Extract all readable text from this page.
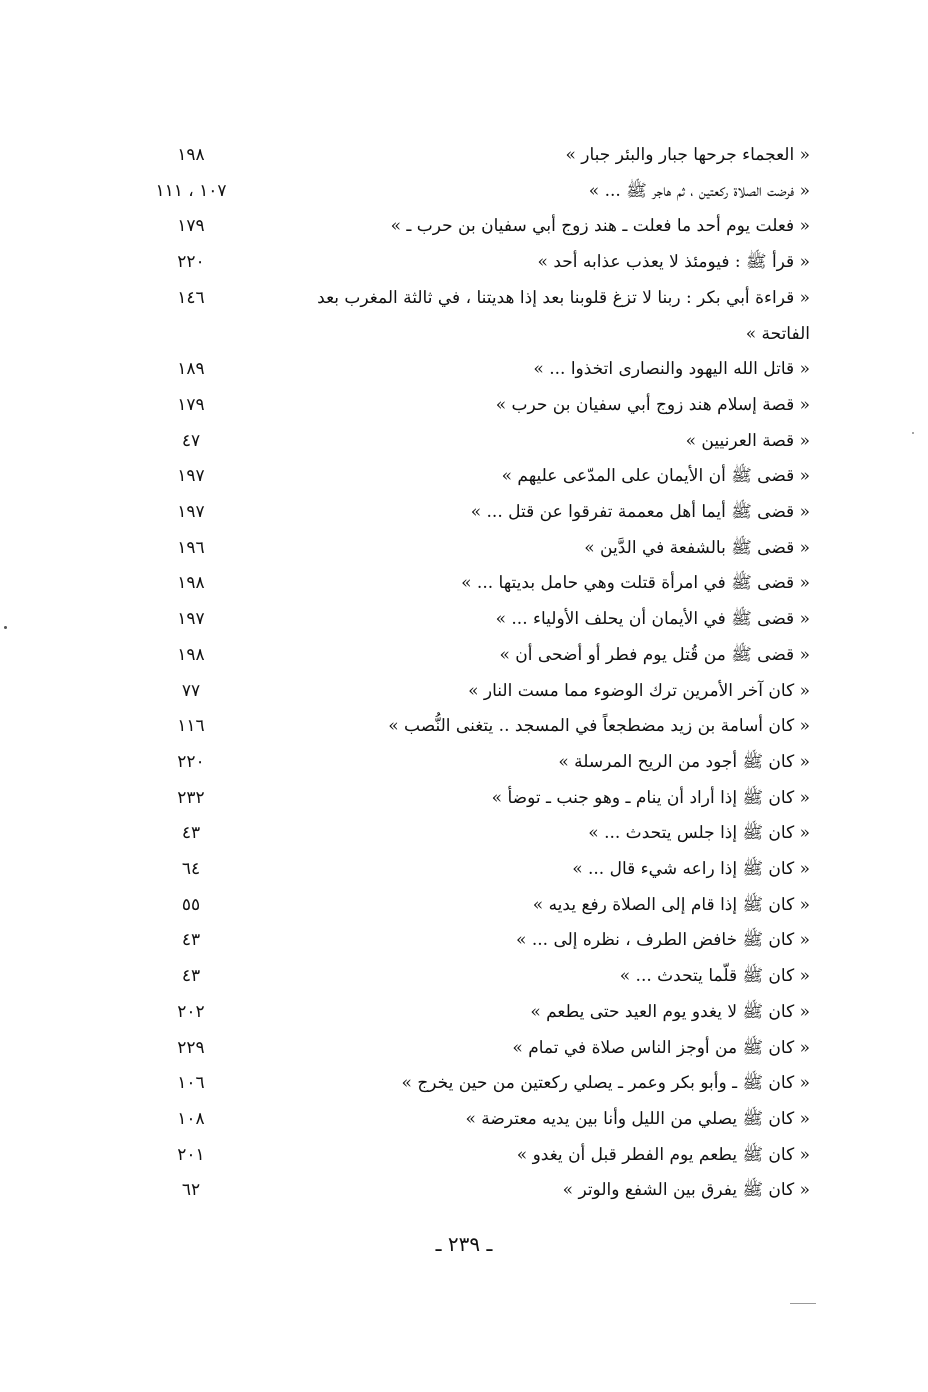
« العجماء جرحها جبار والبئر جبار »
١٩٨
« فرضت الصلاة ركعتين ، ثم هاجر ﷺ ... »
١٠٧ ، ١١١
« فعلت يوم أحد ما فعلت ـ هند زوج أبي سفيان بن حرب ـ »
١٧٩
« قرأ ﷺ : فيومئذ لا يعذب عذابه أحد »
٢٢٠
« قراءة أبي بكر : ربنا لا تزغ قلوبنا بعد إذا هديتنا ، في ثالثة المغرب بعد الفاتحة »
١٤٦
« قاتل الله اليهود والنصارى اتخذوا ... »
١٨٩
« قصة إسلام هند زوج أبي سفيان بن حرب »
١٧٩
« قصة العرنيين »
٤٧
« قضى ﷺ أن الأيمان على المدّعى عليهم »
١٩٧
« قضى ﷺ أيما أهل معممة تفرقوا عن قتل ... »
١٩٧
« قضى ﷺ بالشفعة في الدَّين »
١٩٦
« قضى ﷺ في امرأة قتلت وهي حامل بديتها ... »
١٩٨
« قضى ﷺ في الأيمان أن يحلف الأولياء ... »
١٩٧
« قضى ﷺ من قُتل يوم فطر أو أضحى أن »
١٩٨
« كان آخر الأمرين ترك الوضوء مما مست النار »
٧٧
« كان أسامة بن زيد مضطجعاً في المسجد .. يتغنى النُّصب »
١١٦
« كان ﷺ أجود من الريح المرسلة »
٢٢٠
« كان ﷺ إذا أراد أن ينام ـ وهو جنب ـ توضأ »
٢٣٢
« كان ﷺ إذا جلس يتحدث ... »
٤٣
« كان ﷺ إذا راعه شيء قال ... »
٦٤
« كان ﷺ إذا قام إلى الصلاة رفع يديه »
٥٥
« كان ﷺ خافض الطرف ، نظره إلى ... »
٤٣
« كان ﷺ قلّما يتحدث ... »
٤٣
« كان ﷺ لا يغدو يوم العيد حتى يطعم »
٢٠٢
« كان ﷺ من أوجز الناس صلاة في تمام »
٢٢٩
« كان ﷺ ـ وأبو بكر وعمر ـ يصلي ركعتين من حين يخرج »
١٠٦
« كان ﷺ يصلي من الليل وأنا بين يديه معترضة »
١٠٨
« كان ﷺ يطعم يوم الفطر قبل أن يغدو »
٢٠١
« كان ﷺ يفرق بين الشفع والوتر »
٦٢
ـ ٢٣٩ ـ
